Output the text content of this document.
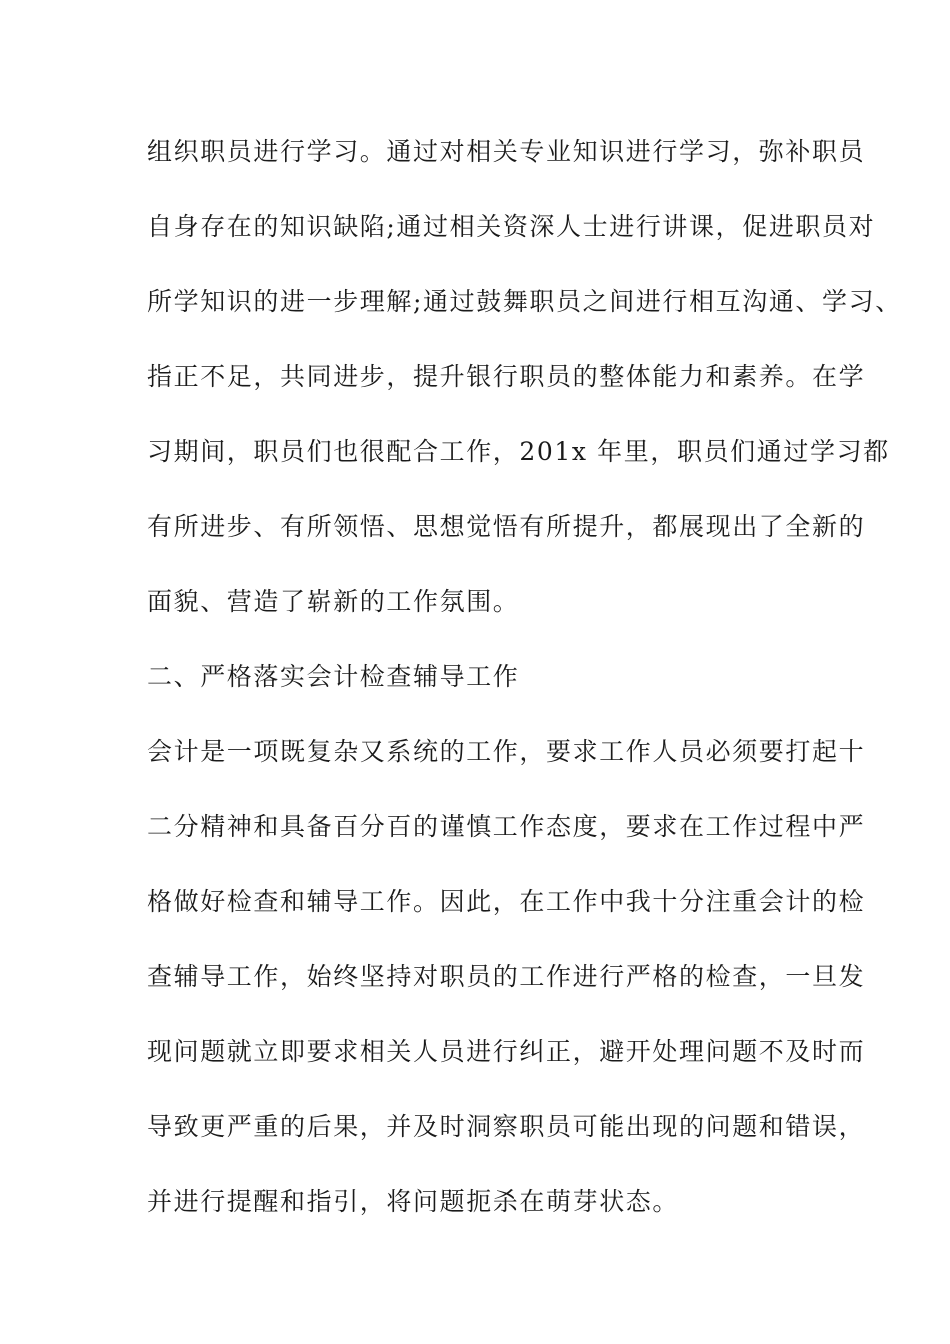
组织职员进行学习。通过对相关专业知识进行学习，弥补职员
自身存在的知识缺陷;通过相关资深人士进行讲课，促进职员对
所学知识的进一步理解;通过鼓舞职员之间进行相互沟通、学习、
指正不足，共同进步，提升银行职员的整体能力和素养。在学
习期间，职员们也很配合工作，201x 年里，职员们通过学习都
有所进步、有所领悟、思想觉悟有所提升，都展现出了全新的
面貌、营造了崭新的工作氛围。
二、严格落实会计检查辅导工作
会计是一项既复杂又系统的工作，要求工作人员必须要打起十
二分精神和具备百分百的谨慎工作态度，要求在工作过程中严
格做好检查和辅导工作。因此，在工作中我十分注重会计的检
查辅导工作，始终坚持对职员的工作进行严格的检查，一旦发
现问题就立即要求相关人员进行纠正，避开处理问题不及时而
导致更严重的后果，并及时洞察职员可能出现的问题和错误，
并进行提醒和指引，将问题扼杀在萌芽状态。
